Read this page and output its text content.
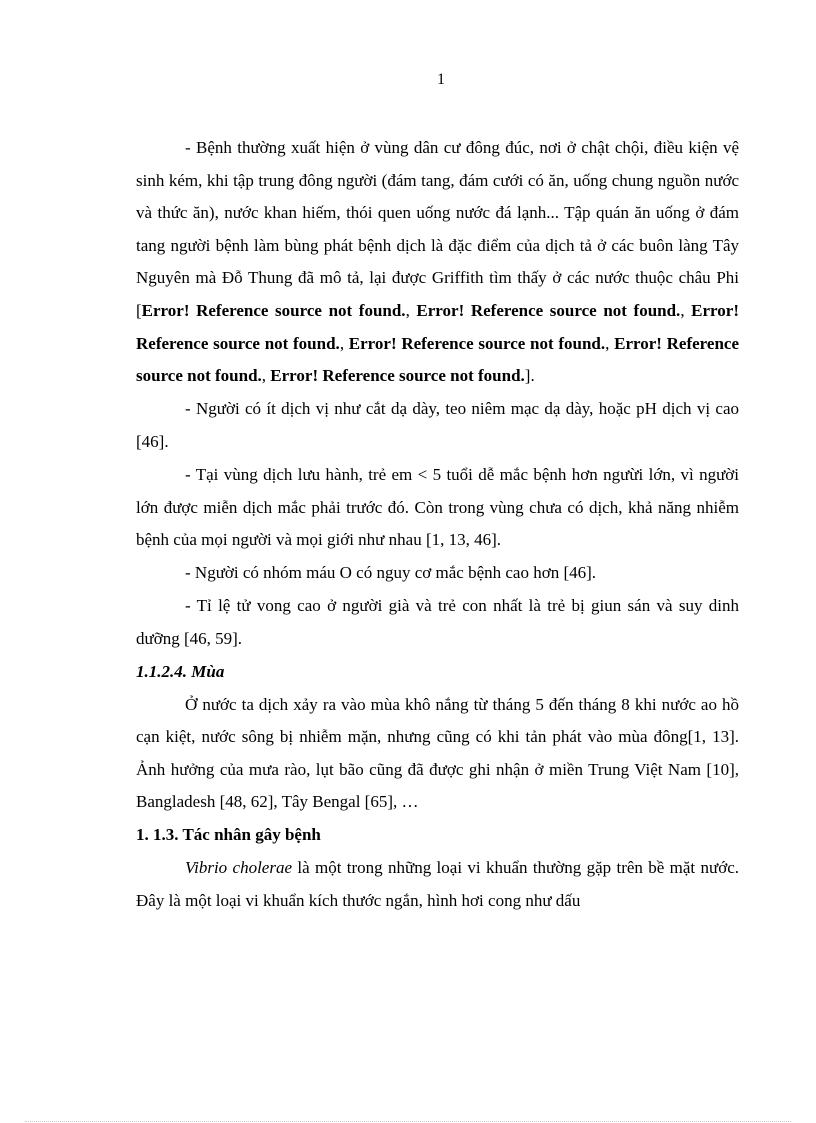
1

- Bệnh thường xuất hiện ở vùng dân cư đông đúc, nơi ở chật chội, điều kiện vệ sinh kém, khi tập trung đông người (đám tang, đám cưới có ăn, uống chung nguồn nước và thức ăn), nước khan hiếm, thói quen uống nước đá lạnh... Tập quán ăn uống ở đám tang người bệnh làm bùng phát bệnh dịch là đặc điểm của dịch tả ở các buôn làng Tây Nguyên mà Đỗ Thung đã mô tả, lại được Griffith tìm thấy ở các nước thuộc châu Phi [Error! Reference source not found., Error! Reference source not found., Error! Reference source not found., Error! Reference source not found., Error! Reference source not found., Error! Reference source not found.].

- Người có ít dịch vị như cắt dạ dày, teo niêm mạc dạ dày, hoặc pH dịch vị cao [46].

- Tại vùng dịch lưu hành, trẻ em < 5 tuổi dễ mắc bệnh hơn ngưừi lớn, vì người lớn được miễn dịch mắc phải trước đó. Còn trong vùng chưa có dịch, khả năng nhiễm bệnh của mọi người và mọi giới như nhau [1, 13, 46].

- Người có nhóm máu O có nguy cơ mắc bệnh cao hơn [46].

- Tỉ lệ tử vong cao ở người già và trẻ con nhất là trẻ bị giun sán và suy dinh dưỡng [46, 59].

1.1.2.4. Mùa

Ở nước ta dịch xảy ra vào mùa khô nắng từ tháng 5 đến tháng 8 khi nước ao hồ cạn kiệt, nước sông bị nhiễm mặn, nhưng cũng có khi tản phát vào mùa đông[1, 13]. Ảnh hưởng của mưa rào, lụt bão cũng đã được ghi nhận ở miền Trung Việt Nam [10], Bangladesh [48, 62], Tây Bengal [65], …

1. 1.3. Tác nhân gây bệnh

Vibrio cholerae là một trong những loại vi khuẩn thường gặp trên bề mặt nước. Đây là một loại vi khuẩn kích thước ngắn, hình hơi cong như dấu
